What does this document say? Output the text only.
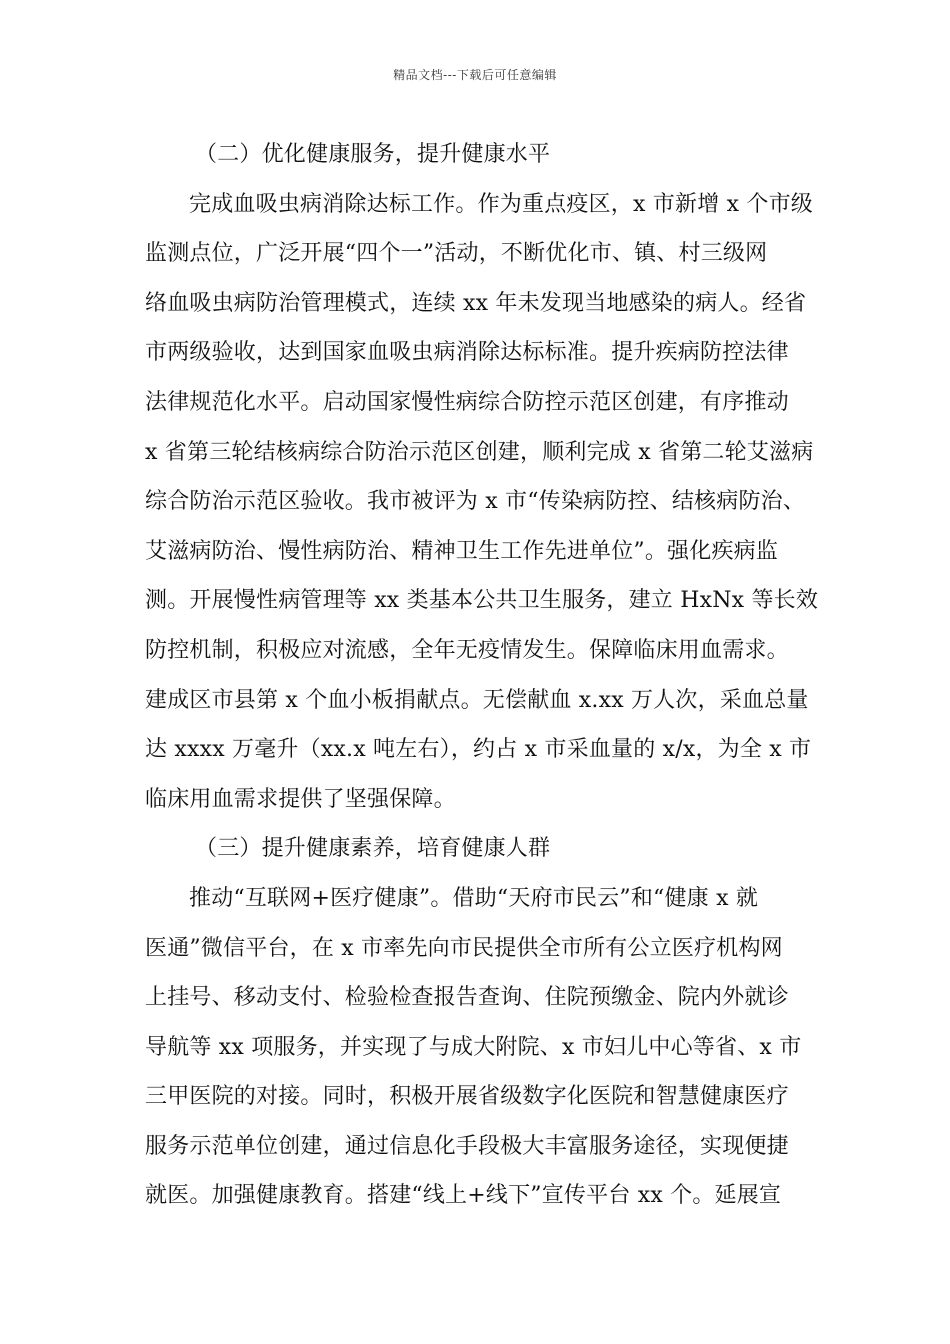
精品文档---下载后可任意编辑
（二）优化健康服务，提升健康水平
完成血吸虫病消除达标工作。作为重点疫区，x 市新增 x 个市级
监测点位，广泛开展“四个一”活动，不断优化市、镇、村三级网
络血吸虫病防治管理模式，连续 xx 年未发现当地感染的病人。经省
市两级验收，达到国家血吸虫病消除达标标准。提升疾病防控法律
法律规范化水平。启动国家慢性病综合防控示范区创建，有序推动
x 省第三轮结核病综合防治示范区创建，顺利完成 x 省第二轮艾滋病
综合防治示范区验收。我市被评为 x 市“传染病防控、结核病防治、
艾滋病防治、慢性病防治、精神卫生工作先进单位”。强化疾病监
测。开展慢性病管理等 xx 类基本公共卫生服务，建立 HxNx 等长效
防控机制，积极应对流感，全年无疫情发生。保障临床用血需求。
建成区市县第 x 个血小板捐献点。无偿献血 x.xx 万人次，采血总量
达 xxxx 万毫升（xx.x 吨左右），约占 x 市采血量的 x/x，为全 x 市
临床用血需求提供了坚强保障。
（三）提升健康素养，培育健康人群
推动“互联网+医疗健康”。借助“天府市民云”和“健康 x 就
医通”微信平台，在 x 市率先向市民提供全市所有公立医疗机构网
上挂号、移动支付、检验检查报告查询、住院预缴金、院内外就诊
导航等 xx 项服务，并实现了与成大附院、x 市妇儿中心等省、x 市
三甲医院的对接。同时，积极开展省级数字化医院和智慧健康医疗
服务示范单位创建，通过信息化手段极大丰富服务途径，实现便捷
就医。加强健康教育。搭建“线上+线下”宣传平台 xx 个。延展宣
